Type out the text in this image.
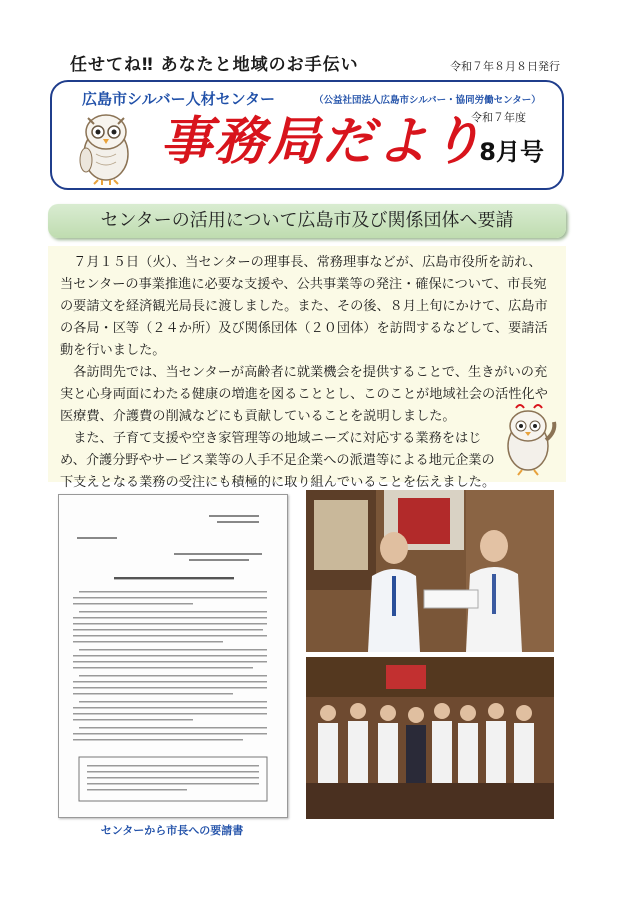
任せてね‼ あなたと地域のお手伝い	令和７年８月８日発行
広島市シルバー人材センター	（公益社団法人広島市シルバー・協同労働センター）
令和７年度
事務局だより
8月号
センターの活用について広島市及び関係団体へ要請

７月１５日（火）、当センターの理事長、常務理事などが、広島市役所を訪れ、当センターの事業推進に必要な支援や、公共事業等の発注・確保について、市長宛の要請文を経済観光局長に渡しました。また、その後、８月上旬にかけて、広島市の各局・区等（２４か所）及び関係団体（２０団体）を訪問するなどして、要請活動を行いました。

各訪問先では、当センターが高齢者に就業機会を提供することで、生きがいの充実と心身両面にわたる健康の増進を図ることとし、このことが地域社会の活性化や医療費、介護費の削減などにも貢献していることを説明しました。

また、子育て支援や空き家管理等の地域ニーズに対応する業務をはじめ、介護分野やサービス業等の人手不足企業への派遣等による地元企業の下支えとなる業務の受注にも積極的に取り組んでいることを伝えました。

センターから市長への要請書
